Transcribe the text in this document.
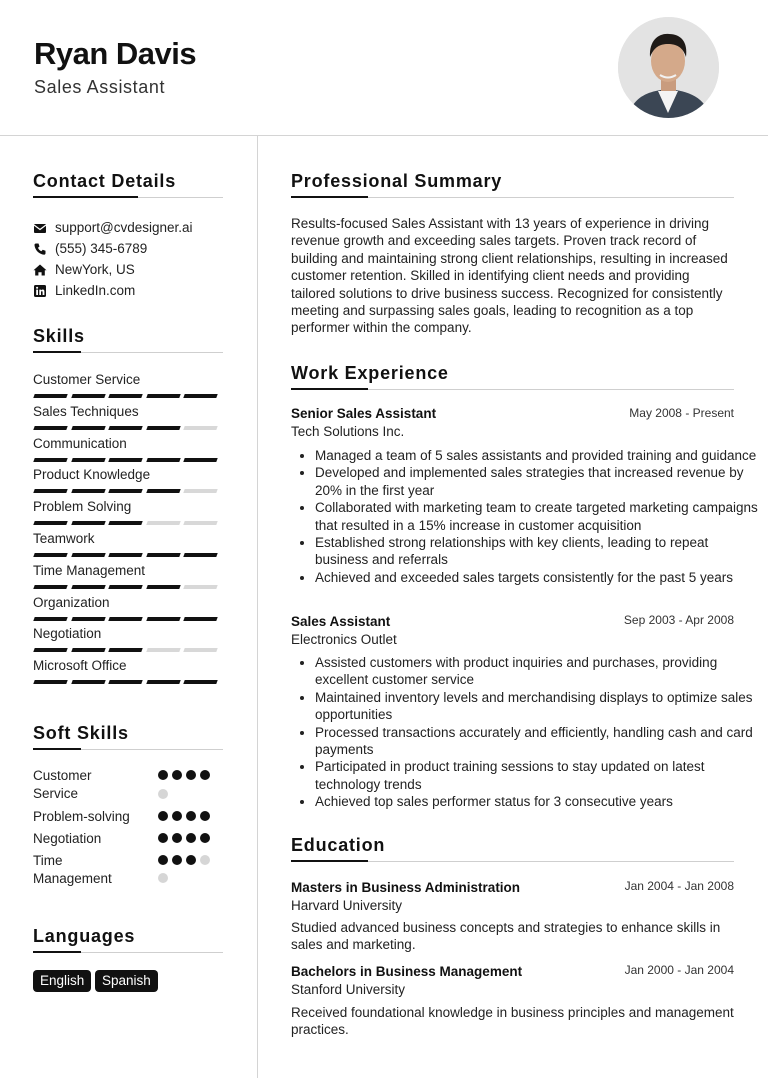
Ryan Davis
Sales Assistant
Contact Details
support@cvdesigner.ai
(555) 345-6789
NewYork, US
LinkedIn.com
Skills
Customer Service
Sales Techniques
Communication
Product Knowledge
Problem Solving
Teamwork
Time Management
Organization
Negotiation
Microsoft Office
Soft Skills
Customer
Service
Problem-solving
Negotiation
Time
Management
Languages
English	Spanish
Professional Summary
Results-focused Sales Assistant with 13 years of experience in driving revenue growth and exceeding sales targets. Proven track record of building and maintaining strong client relationships, resulting in increased customer retention. Skilled in identifying client needs and providing tailored solutions to drive business success. Recognized for consistently meeting and surpassing sales goals, leading to recognition as a top performer within the company.
Work Experience
Senior Sales Assistant	May 2008 - Present
Tech Solutions Inc.
• Managed a team of 5 sales assistants and provided training and guidance
• Developed and implemented sales strategies that increased revenue by 20% in the first year
• Collaborated with marketing team to create targeted marketing campaigns that resulted in a 15% increase in customer acquisition
• Established strong relationships with key clients, leading to repeat business and referrals
• Achieved and exceeded sales targets consistently for the past 5 years
Sales Assistant	Sep 2003 - Apr 2008
Electronics Outlet
• Assisted customers with product inquiries and purchases, providing excellent customer service
• Maintained inventory levels and merchandising displays to optimize sales opportunities
• Processed transactions accurately and efficiently, handling cash and card payments
• Participated in product training sessions to stay updated on latest technology trends
• Achieved top sales performer status for 3 consecutive years
Education
Masters in Business Administration	Jan 2004 - Jan 2008
Harvard University
Studied advanced business concepts and strategies to enhance skills in sales and marketing.
Bachelors in Business Management	Jan 2000 - Jan 2004
Stanford University
Received foundational knowledge in business principles and management practices.
